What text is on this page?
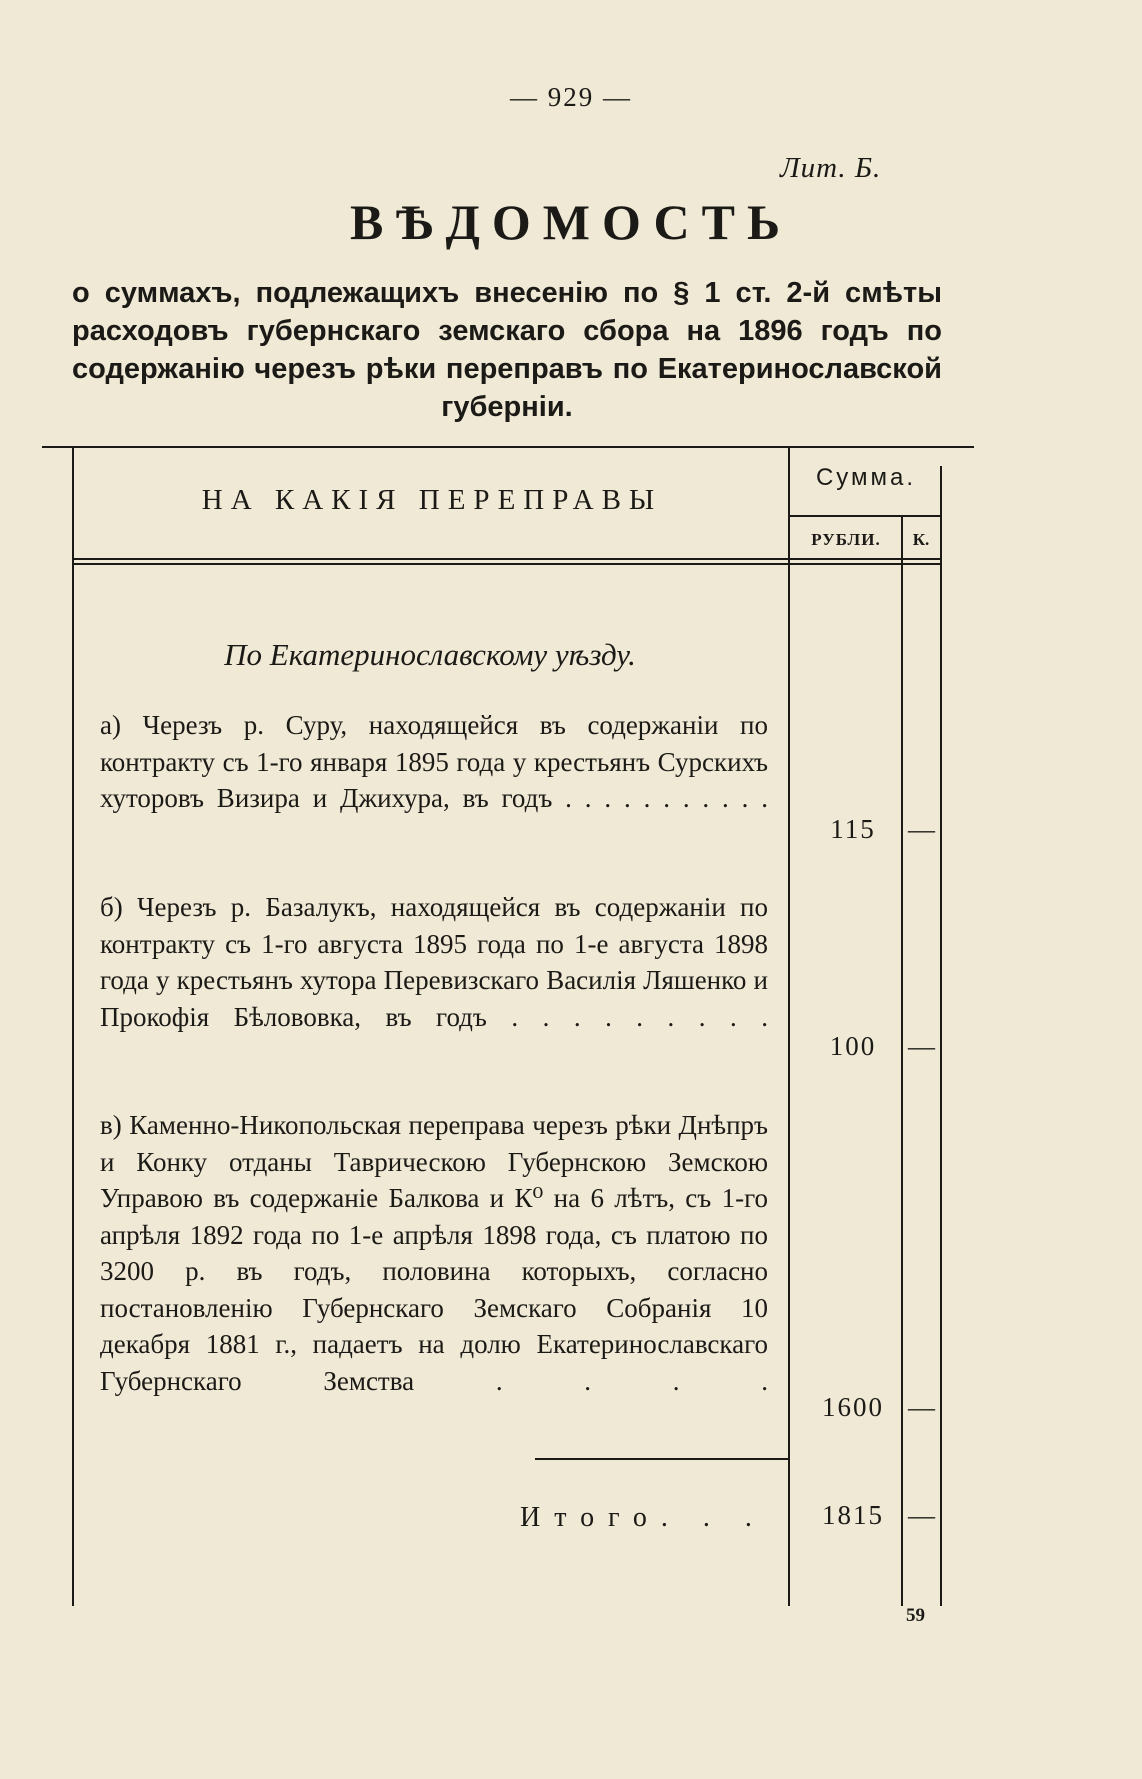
— 929 —
Лит. Б.
ВѢДОМОСТЬ
о суммахъ, подлежащихъ внесенію по § 1 ст. 2-й смѣты расходовъ губернскаго земскаго сбора на 1896 годъ по содержанію черезъ рѣки переправъ по Екатеринославской губерніи.
НА КАКІЯ ПЕРЕПРАВЫ
Сумма.
РУБЛИ.	К.
По Екатеринославскому уѣзду.
а) Черезъ р. Суру, находящейся въ содержаніи по контракту съ 1-го января 1895 года у крестьянъ Сурскихъ хуторовъ Визира и Джихура, въ годъ . . . . . . . . . . .
115	—
б) Черезъ р. Базалукъ, находящейся въ содержаніи по контракту съ 1-го августа 1895 года по 1-е августа 1898 года у крестьянъ хутора Перевизскаго Василія Ляшенко и Прокофія Бѣлововка, въ годъ . . . . . . . . .
100	—
в) Каменно-Никопольская переправа черезъ рѣки Днѣпръ и Конку отданы Таврическою Губернскою Земскою Управою въ содержаніе Балкова и К⁰ на 6 лѣтъ, съ 1-го апрѣля 1892 года по 1-е апрѣля 1898 года, съ платою по 3200 р. въ годъ, половина которыхъ, согласно постановленію Губернскаго Земскаго Собранія 10 декабря 1881 г., падаетъ на долю Екатеринославскаго Губернскаго Земства . . . .
1600 —
Итого. . .	1815 —
59
